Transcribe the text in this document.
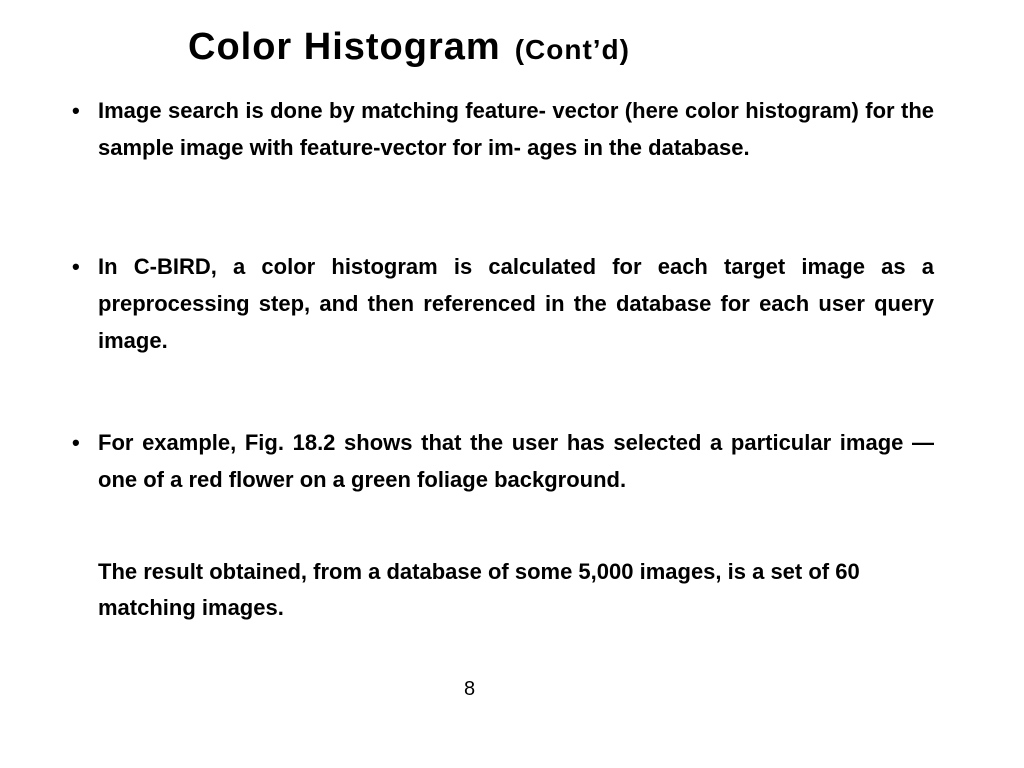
Color Histogram (Cont’d)
• Image search is done by matching feature- vector (here color histogram) for the sample image with feature-vector for im- ages in the database.

• In C-BIRD, a color histogram is calculated for each target image as a preprocessing step, and then referenced in the database for each user query image.

• For example, Fig. 18.2 shows that the user has selected a particular image — one of a red flower on a green foliage background.

The result obtained, from a database of some 5,000 images, is a set of 60 matching images.

8
